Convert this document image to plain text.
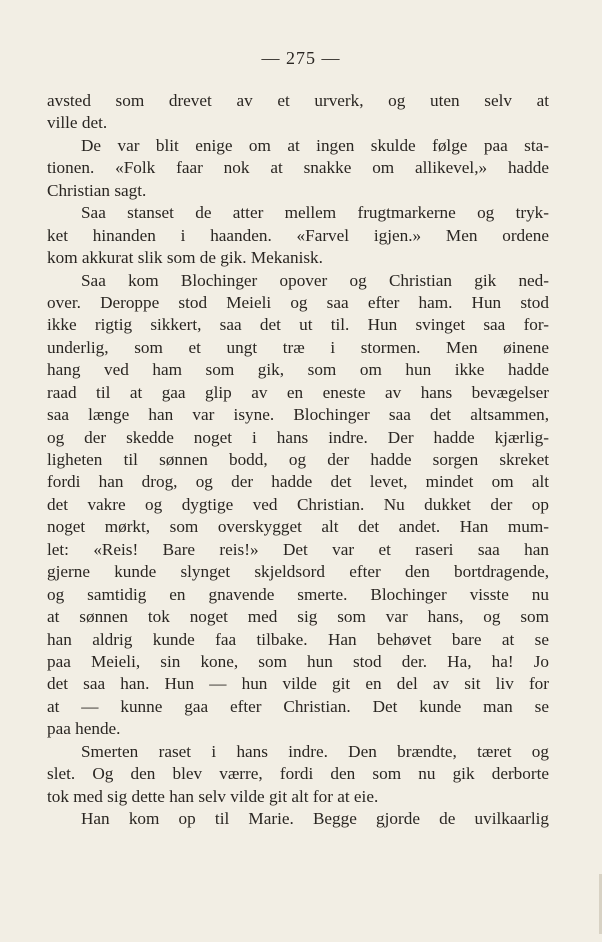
— 275 —
avsted som drevet av et urverk, og uten selv at
ville det.
De var blit enige om at ingen skulde følge paa sta-
tionen. «Folk faar nok at snakke om allikevel,» hadde
Christian sagt.
Saa stanset de atter mellem frugtmarkerne og tryk-
ket hinanden i haanden. «Farvel igjen.» Men ordene
kom akkurat slik som de gik. Mekanisk.
Saa kom Blochinger opover og Christian gik ned-
over. Deroppe stod Meieli og saa efter ham. Hun stod
ikke rigtig sikkert, saa det ut til. Hun svinget saa for-
underlig, som et ungt træ i stormen. Men øinene
hang ved ham som gik, som om hun ikke hadde
raad til at gaa glip av en eneste av hans bevægelser
saa længe han var isyne. Blochinger saa det altsammen,
og der skedde noget i hans indre. Der hadde kjærlig-
ligheten til sønnen bodd, og der hadde sorgen skreket
fordi han drog, og der hadde det levet, mindet om alt
det vakre og dygtige ved Christian. Nu dukket der op
noget mørkt, som overskygget alt det andet. Han mum-
let: «Reis! Bare reis!» Det var et raseri saa han
gjerne kunde slynget skjeldsord efter den bortdragende,
og samtidig en gnavende smerte. Blochinger visste nu
at sønnen tok noget med sig som var hans, og som
han aldrig kunde faa tilbake. Han behøvet bare at se
paa Meieli, sin kone, som hun stod der. Ha, ha! Jo
det saa han. Hun — hun vilde git en del av sit liv for
at — kunne gaa efter Christian. Det kunde man se
paa hende.
Smerten raset i hans indre. Den brændte, tæret og
slet. Og den blev værre, fordi den som nu gik derborte
tok med sig dette han selv vilde git alt for at eie.
Han kom op til Marie. Begge gjorde de uvilkaarlig
